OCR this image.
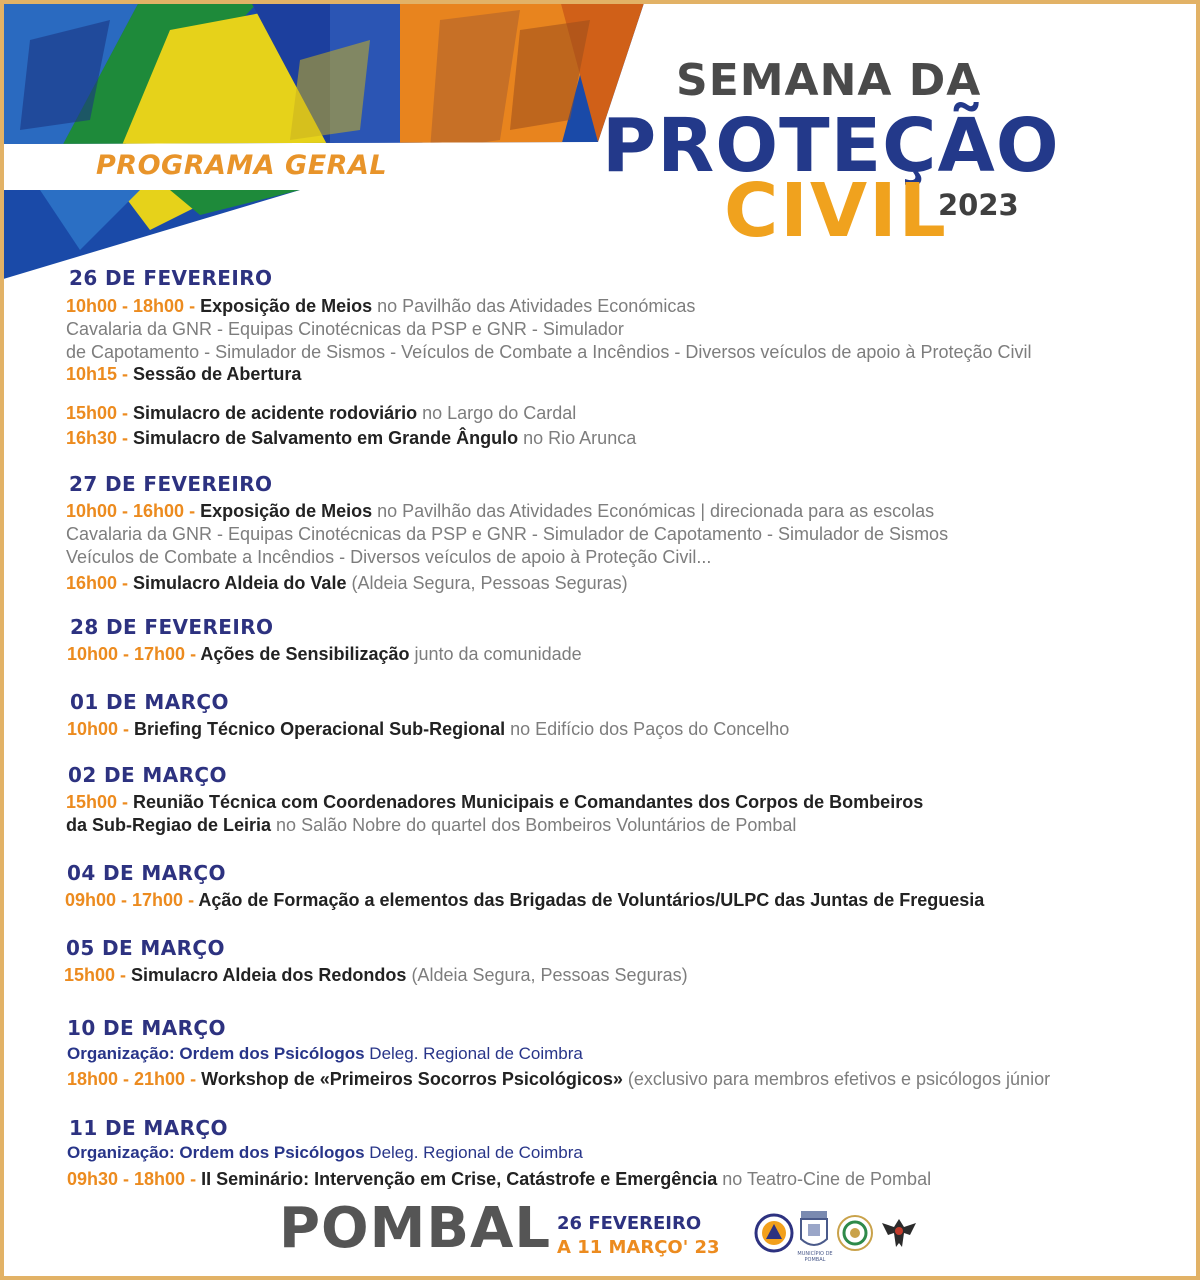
PROGRAMA GERAL
SEMANA DA
PROTEÇÃO
CIVIL
2023
26 DE FEVEREIRO
10h00 - 18h00 - Exposição de Meios no Pavilhão das Atividades Económicas
Cavalaria da GNR - Equipas Cinotécnicas da PSP e GNR - Simulador
de Capotamento - Simulador de Sismos - Veículos de Combate a Incêndios - Diversos veículos de apoio à Proteção Civil
10h15 - Sessão de Abertura
15h00 - Simulacro de acidente rodoviário no Largo do Cardal
16h30 - Simulacro de Salvamento em Grande Ângulo no Rio Arunca
27 DE FEVEREIRO
10h00 - 16h00 - Exposição de Meios no Pavilhão das Atividades Económicas | direcionada para as escolas
Cavalaria da GNR - Equipas Cinotécnicas da PSP e GNR - Simulador de Capotamento - Simulador de Sismos
Veículos de Combate a Incêndios - Diversos veículos de apoio à Proteção Civil...
16h00 - Simulacro Aldeia do Vale (Aldeia Segura, Pessoas Seguras)
28 DE FEVEREIRO
10h00 - 17h00 - Ações de Sensibilização junto da comunidade
01 DE MARÇO
10h00 - Briefing Técnico Operacional Sub-Regional no Edifício dos Paços do Concelho
02 DE MARÇO
15h00 - Reunião Técnica com Coordenadores Municipais e Comandantes dos Corpos de Bombeiros
da Sub-Regiao de Leiria no Salão Nobre do quartel dos Bombeiros Voluntários de Pombal
04 DE MARÇO
09h00 - 17h00 - Ação de Formação a elementos das Brigadas de Voluntários/ULPC das Juntas de Freguesia
05 DE MARÇO
15h00 - Simulacro Aldeia dos Redondos (Aldeia Segura, Pessoas Seguras)
10 DE MARÇO
Organização: Ordem dos Psicólogos Deleg. Regional de Coimbra
18h00 - 21h00 - Workshop de «Primeiros Socorros Psicológicos» (exclusivo para membros efetivos e psicólogos júnior
11 DE MARÇO
Organização: Ordem dos Psicólogos Deleg. Regional de Coimbra
09h30 - 18h00 - II Seminário: Intervenção em Crise, Catástrofe e Emergência no Teatro-Cine de Pombal
POMBAL 26 FEVEREIRO
A 11 MARÇO' 23	MUNICÍPIO DE POMBAL
